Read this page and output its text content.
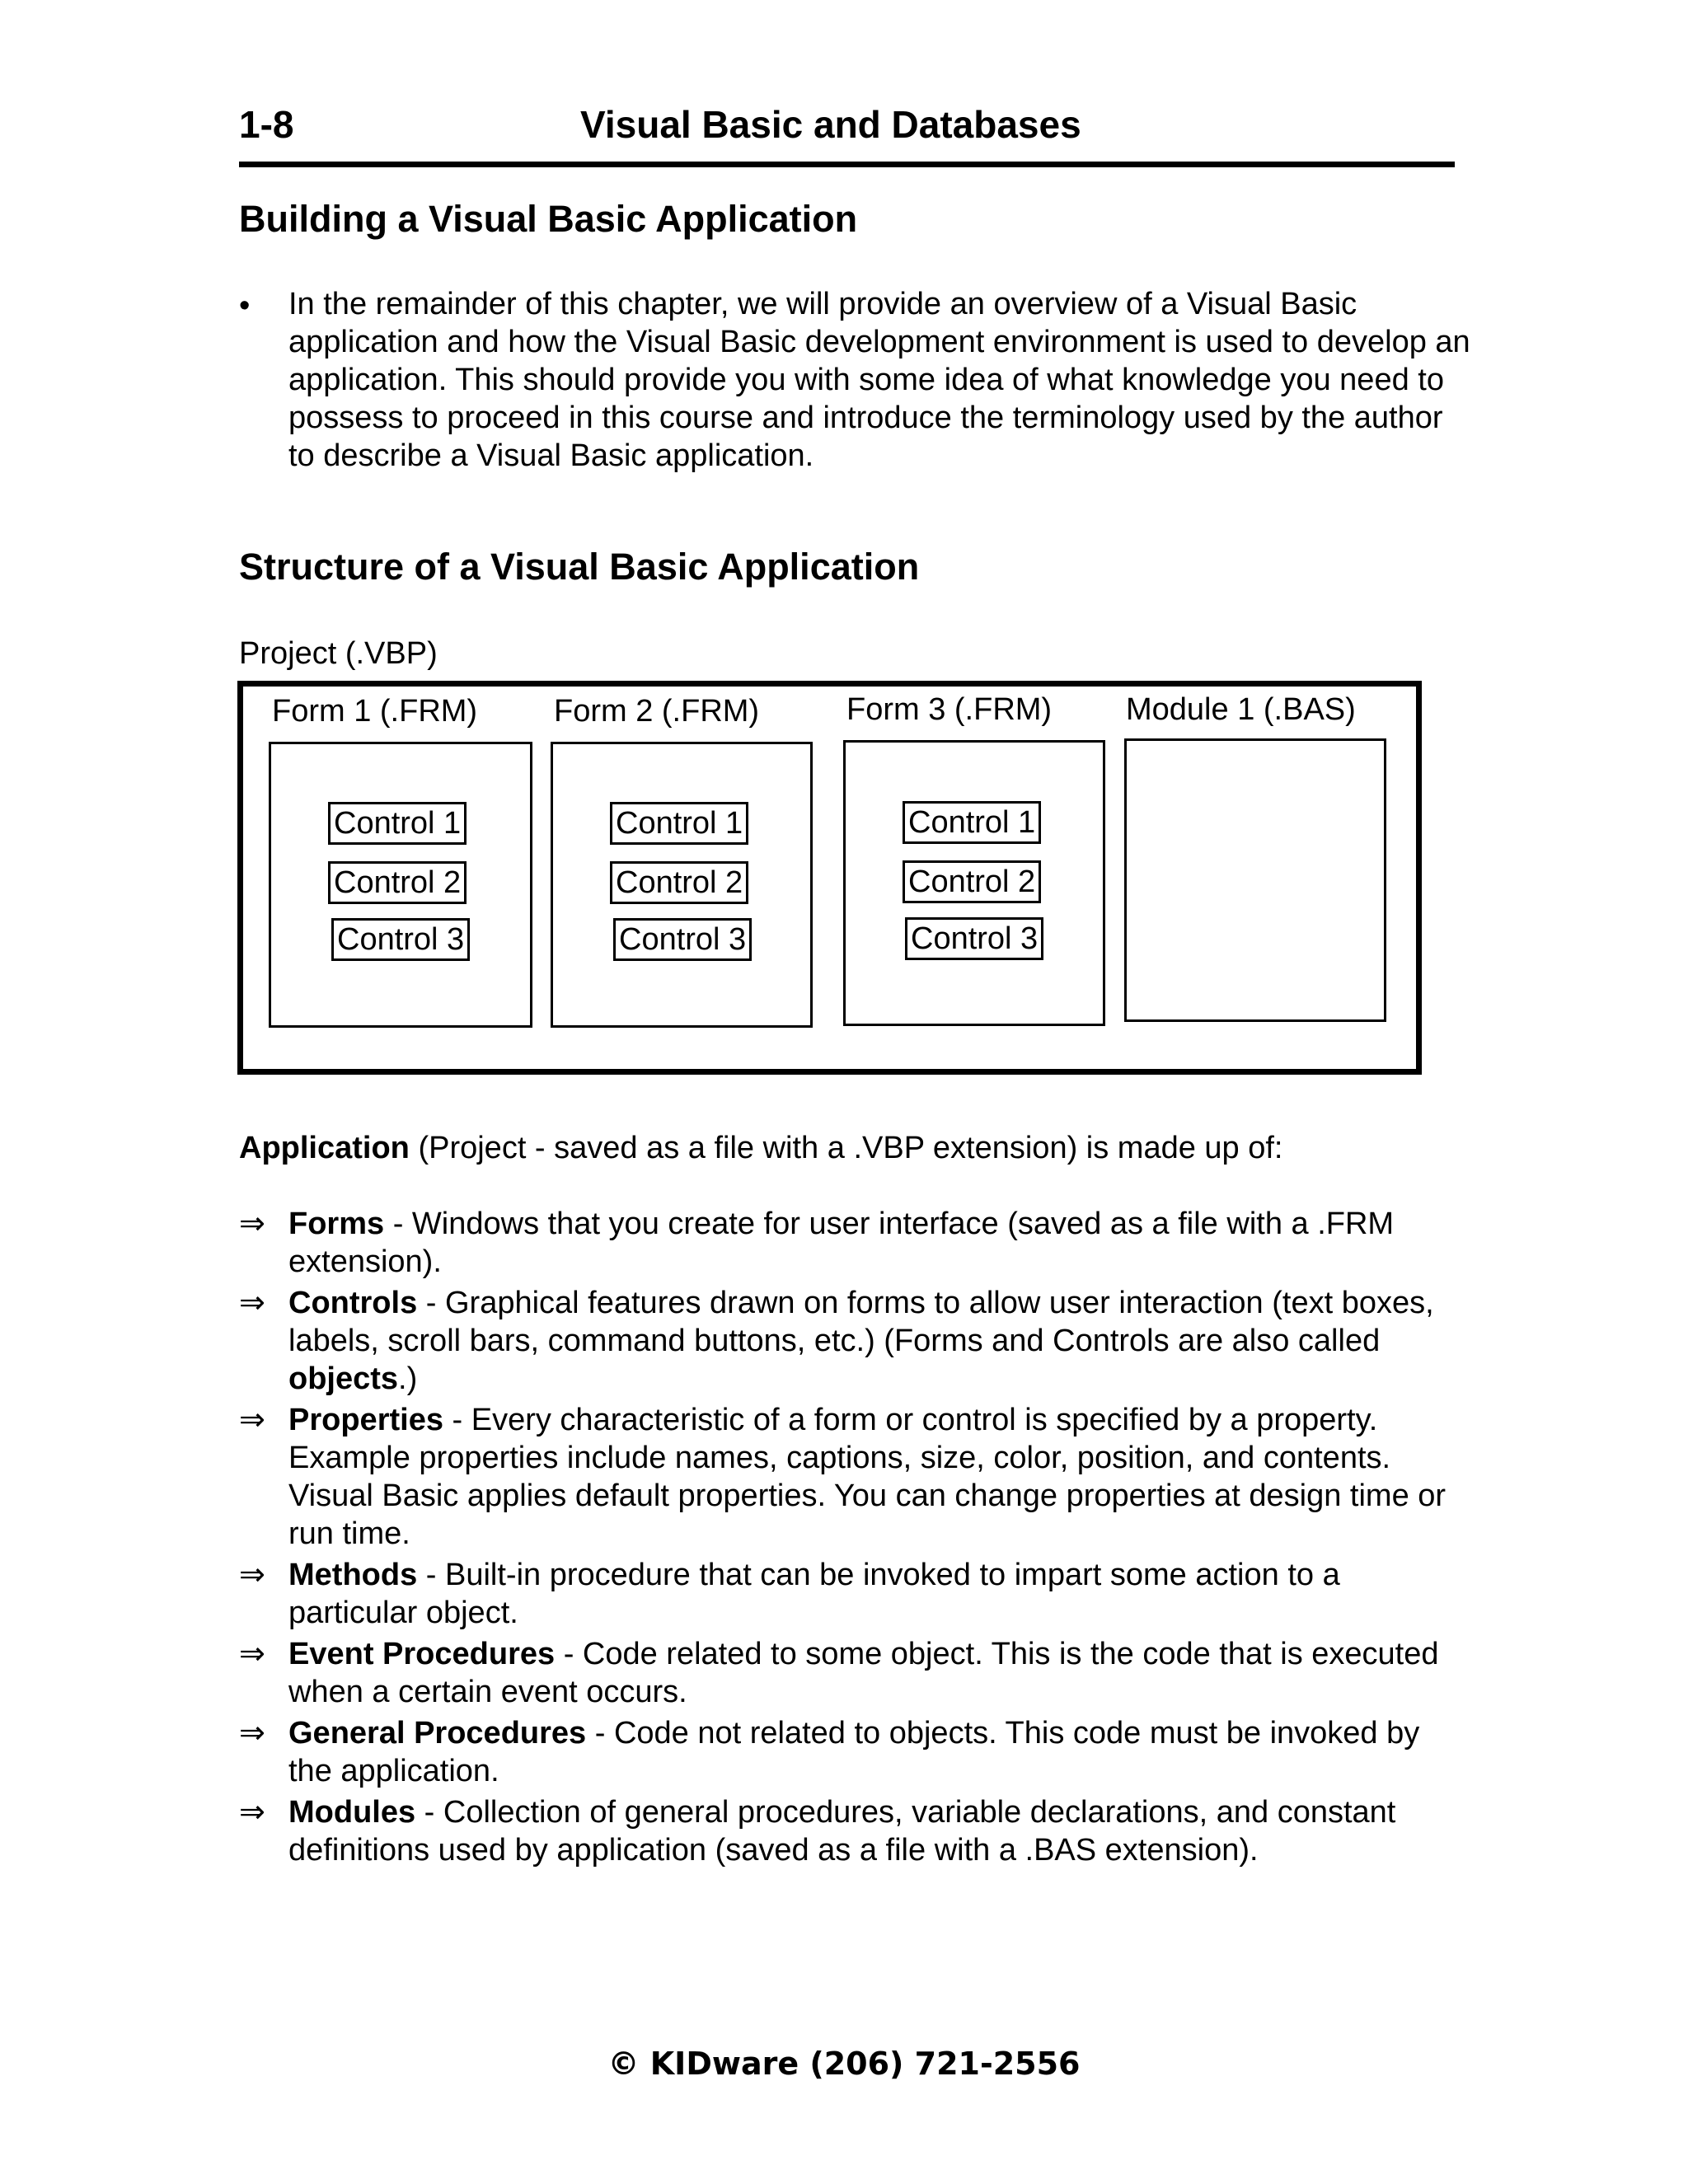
1-8	Visual Basic and Databases
Building a Visual Basic Application
• In the remainder of this chapter, we will provide an overview of a Visual Basic application and how the Visual Basic development environment is used to develop an application. This should provide you with some idea of what knowledge you need to possess to proceed in this course and introduce the terminology used by the author to describe a Visual Basic application.

Structure of a Visual Basic Application
Project (.VBP)
Form 1 (.FRM)
Control 1
Control 2
Control 3
Form 2 (.FRM)
Control 1
Control 2
Control 3
Form 3 (.FRM)
Control 1
Control 2
Control 3
Module 1 (.BAS)

Application (Project - saved as a file with a .VBP extension) is made up of:

⇒ Forms - Windows that you create for user interface (saved as a file with a .FRM extension).
⇒ Controls - Graphical features drawn on forms to allow user interaction (text boxes, labels, scroll bars, command buttons, etc.) (Forms and Controls are also called objects.)
⇒ Properties - Every characteristic of a form or control is specified by a property. Example properties include names, captions, size, color, position, and contents. Visual Basic applies default properties. You can change properties at design time or run time.
⇒ Methods - Built-in procedure that can be invoked to impart some action to a particular object.
⇒ Event Procedures - Code related to some object. This is the code that is executed when a certain event occurs.
⇒ General Procedures - Code not related to objects. This code must be invoked by the application.
⇒ Modules - Collection of general procedures, variable declarations, and constant definitions used by application (saved as a file with a .BAS extension).
© KIDware (206) 721-2556
